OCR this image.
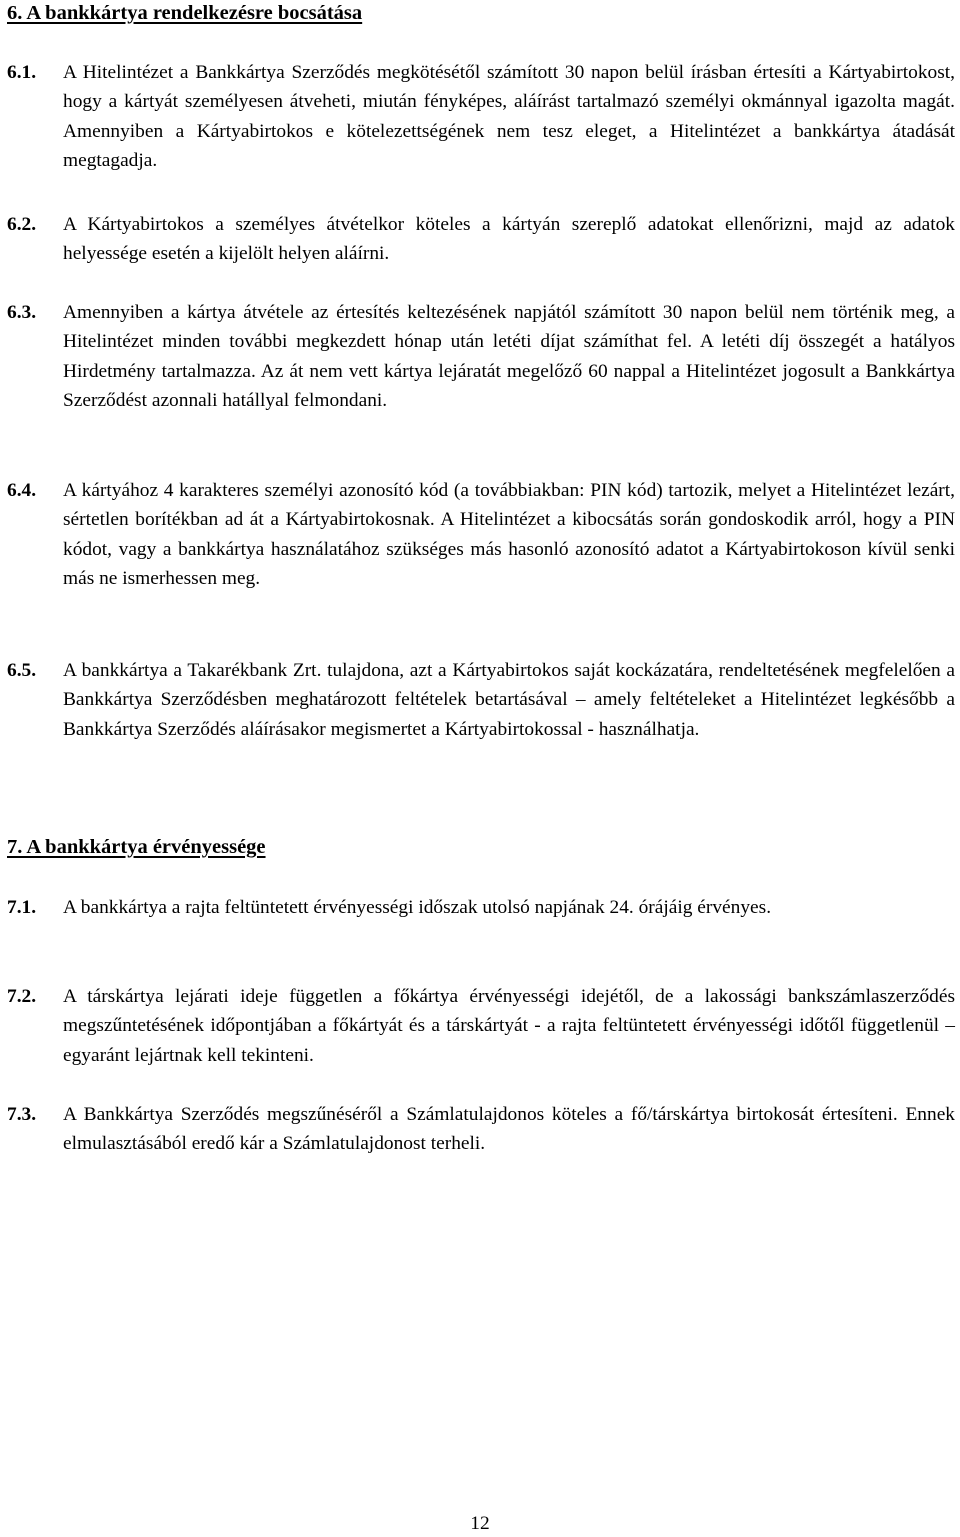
6. A bankkártya rendelkezésre bocsátása
6.1. A Hitelintézet a Bankkártya Szerződés megkötésétől számított 30 napon belül írásban értesíti a Kártyabirtokost, hogy a kártyát személyesen átveheti, miután fényképes, aláírást tartalmazó személyi okmánnyal igazolta magát. Amennyiben a Kártyabirtokos e kötelezettségének nem tesz eleget, a Hitelintézet a bankkártya átadását megtagadja.
6.2. A Kártyabirtokos a személyes átvételkor köteles a kártyán szereplő adatokat ellenőrizni, majd az adatok helyessége esetén a kijelölt helyen aláírni.
6.3. Amennyiben a kártya átvétele az értesítés keltezésének napjától számított 30 napon belül nem történik meg, a Hitelintézet minden további megkezdett hónap után letéti díjat számíthat fel. A letéti díj összegét a hatályos Hirdetmény tartalmazza. Az át nem vett kártya lejáratát megelőző 60 nappal a Hitelintézet jogosult a Bankkártya Szerződést azonnali hatállyal felmondani.
6.4. A kártyához 4 karakteres személyi azonosító kód (a továbbiakban: PIN kód) tartozik, melyet a Hitelintézet lezárt, sértetlen borítékban ad át a Kártyabirtokosnak. A Hitelintézet a kibocsátás során gondoskodik arról, hogy a PIN kódot, vagy a bankkártya használatához szükséges más hasonló azonosító adatot a Kártyabirtokoson kívül senki más ne ismerhessen meg.
6.5. A bankkártya a Takarékbank Zrt. tulajdona, azt a Kártyabirtokos saját kockázatára, rendeltetésének megfelelően a Bankkártya Szerződésben meghatározott feltételek betartásával – amely feltételeket a Hitelintézet legkésőbb a Bankkártya Szerződés aláírásakor megismertet a Kártyabirtokossal - használhatja.
7. A bankkártya érvényessége
7.1. A bankkártya a rajta feltüntetett érvényességi időszak utolsó napjának 24. órájáig érvényes.
7.2. A társkártya lejárati ideje független a főkártya érvényességi idejétől, de a lakossági bankszámlaszerződés megszűntetésének időpontjában a főkártyát és a társkártyát - a rajta feltüntetett érvényességi időtől függetlenül – egyaránt lejártnak kell tekinteni.
7.3. A Bankkártya Szerződés megszűnéséről a Számlatulajdonos köteles a fő/társkártya birtokosát értesíteni. Ennek elmulasztásából eredő kár a Számlatulajdonost terheli.
12
